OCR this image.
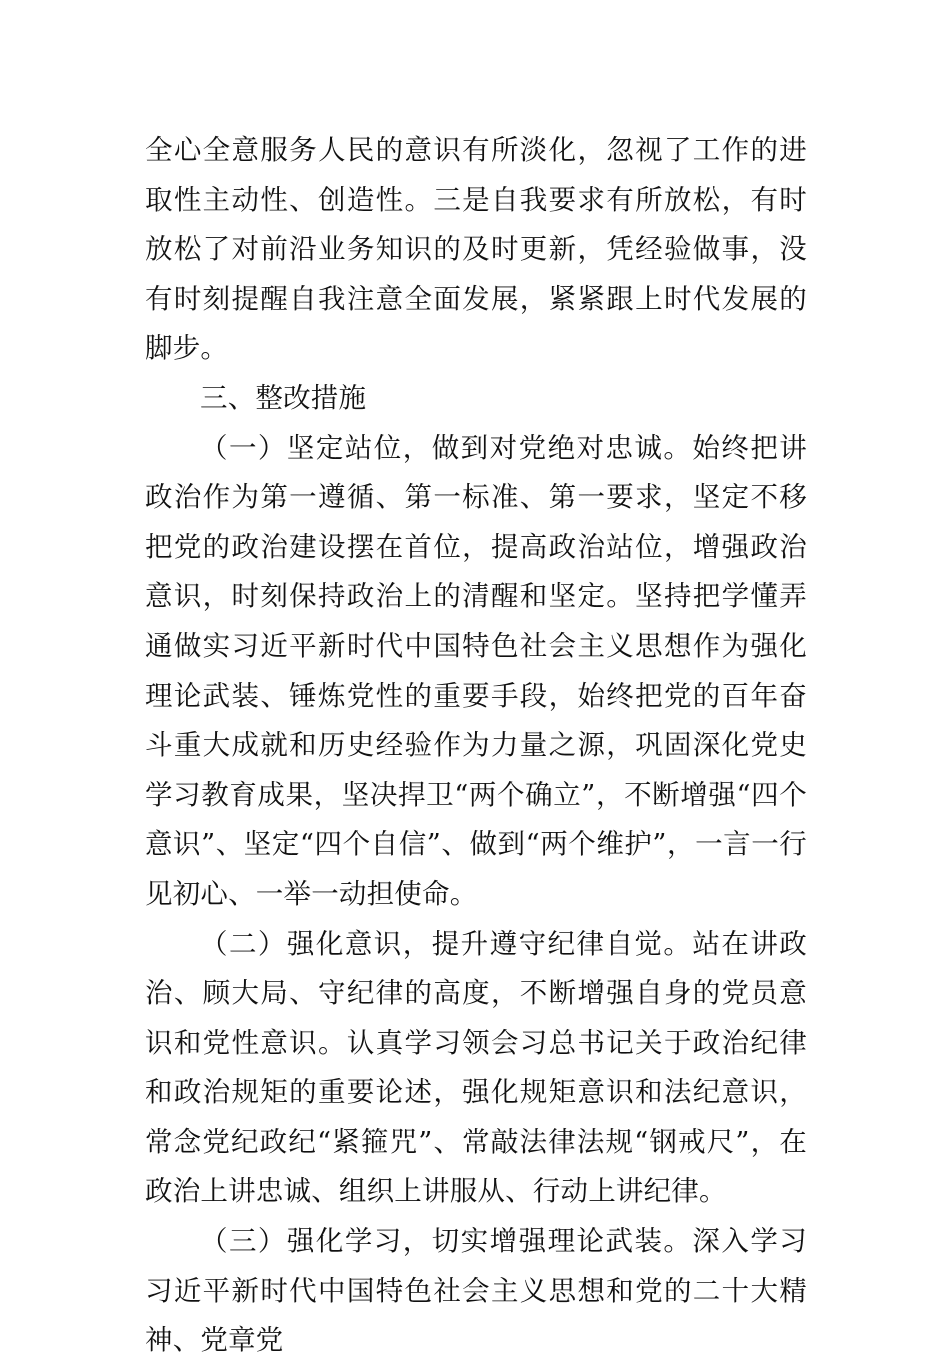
全心全意服务人民的意识有所淡化，忽视了工作的进取性主动性、创造性。三是自我要求有所放松，有时放松了对前沿业务知识的及时更新，凭经验做事，没有时刻提醒自我注意全面发展，紧紧跟上时代发展的脚步。

三、整改措施

（一）坚定站位，做到对党绝对忠诚。始终把讲政治作为第一遵循、第一标准、第一要求，坚定不移把党的政治建设摆在首位，提高政治站位，增强政治意识，时刻保持政治上的清醒和坚定。坚持把学懂弄通做实习近平新时代中国特色社会主义思想作为强化理论武装、锤炼党性的重要手段，始终把党的百年奋斗重大成就和历史经验作为力量之源，巩固深化党史学习教育成果，坚决捍卫“两个确立”，不断增强“四个意识”、坚定“四个自信”、做到“两个维护”，一言一行见初心、一举一动担使命。

（二）强化意识，提升遵守纪律自觉。站在讲政治、顾大局、守纪律的高度，不断增强自身的党员意识和党性意识。认真学习领会习总书记关于政治纪律和政治规矩的重要论述，强化规矩意识和法纪意识，常念党纪政纪“紧箍咒”、常敲法律法规“钢戒尺”，在政治上讲忠诚、组织上讲服从、行动上讲纪律。

（三）强化学习，切实增强理论武装。深入学习习近平新时代中国特色社会主义思想和党的二十大精神、党章党
